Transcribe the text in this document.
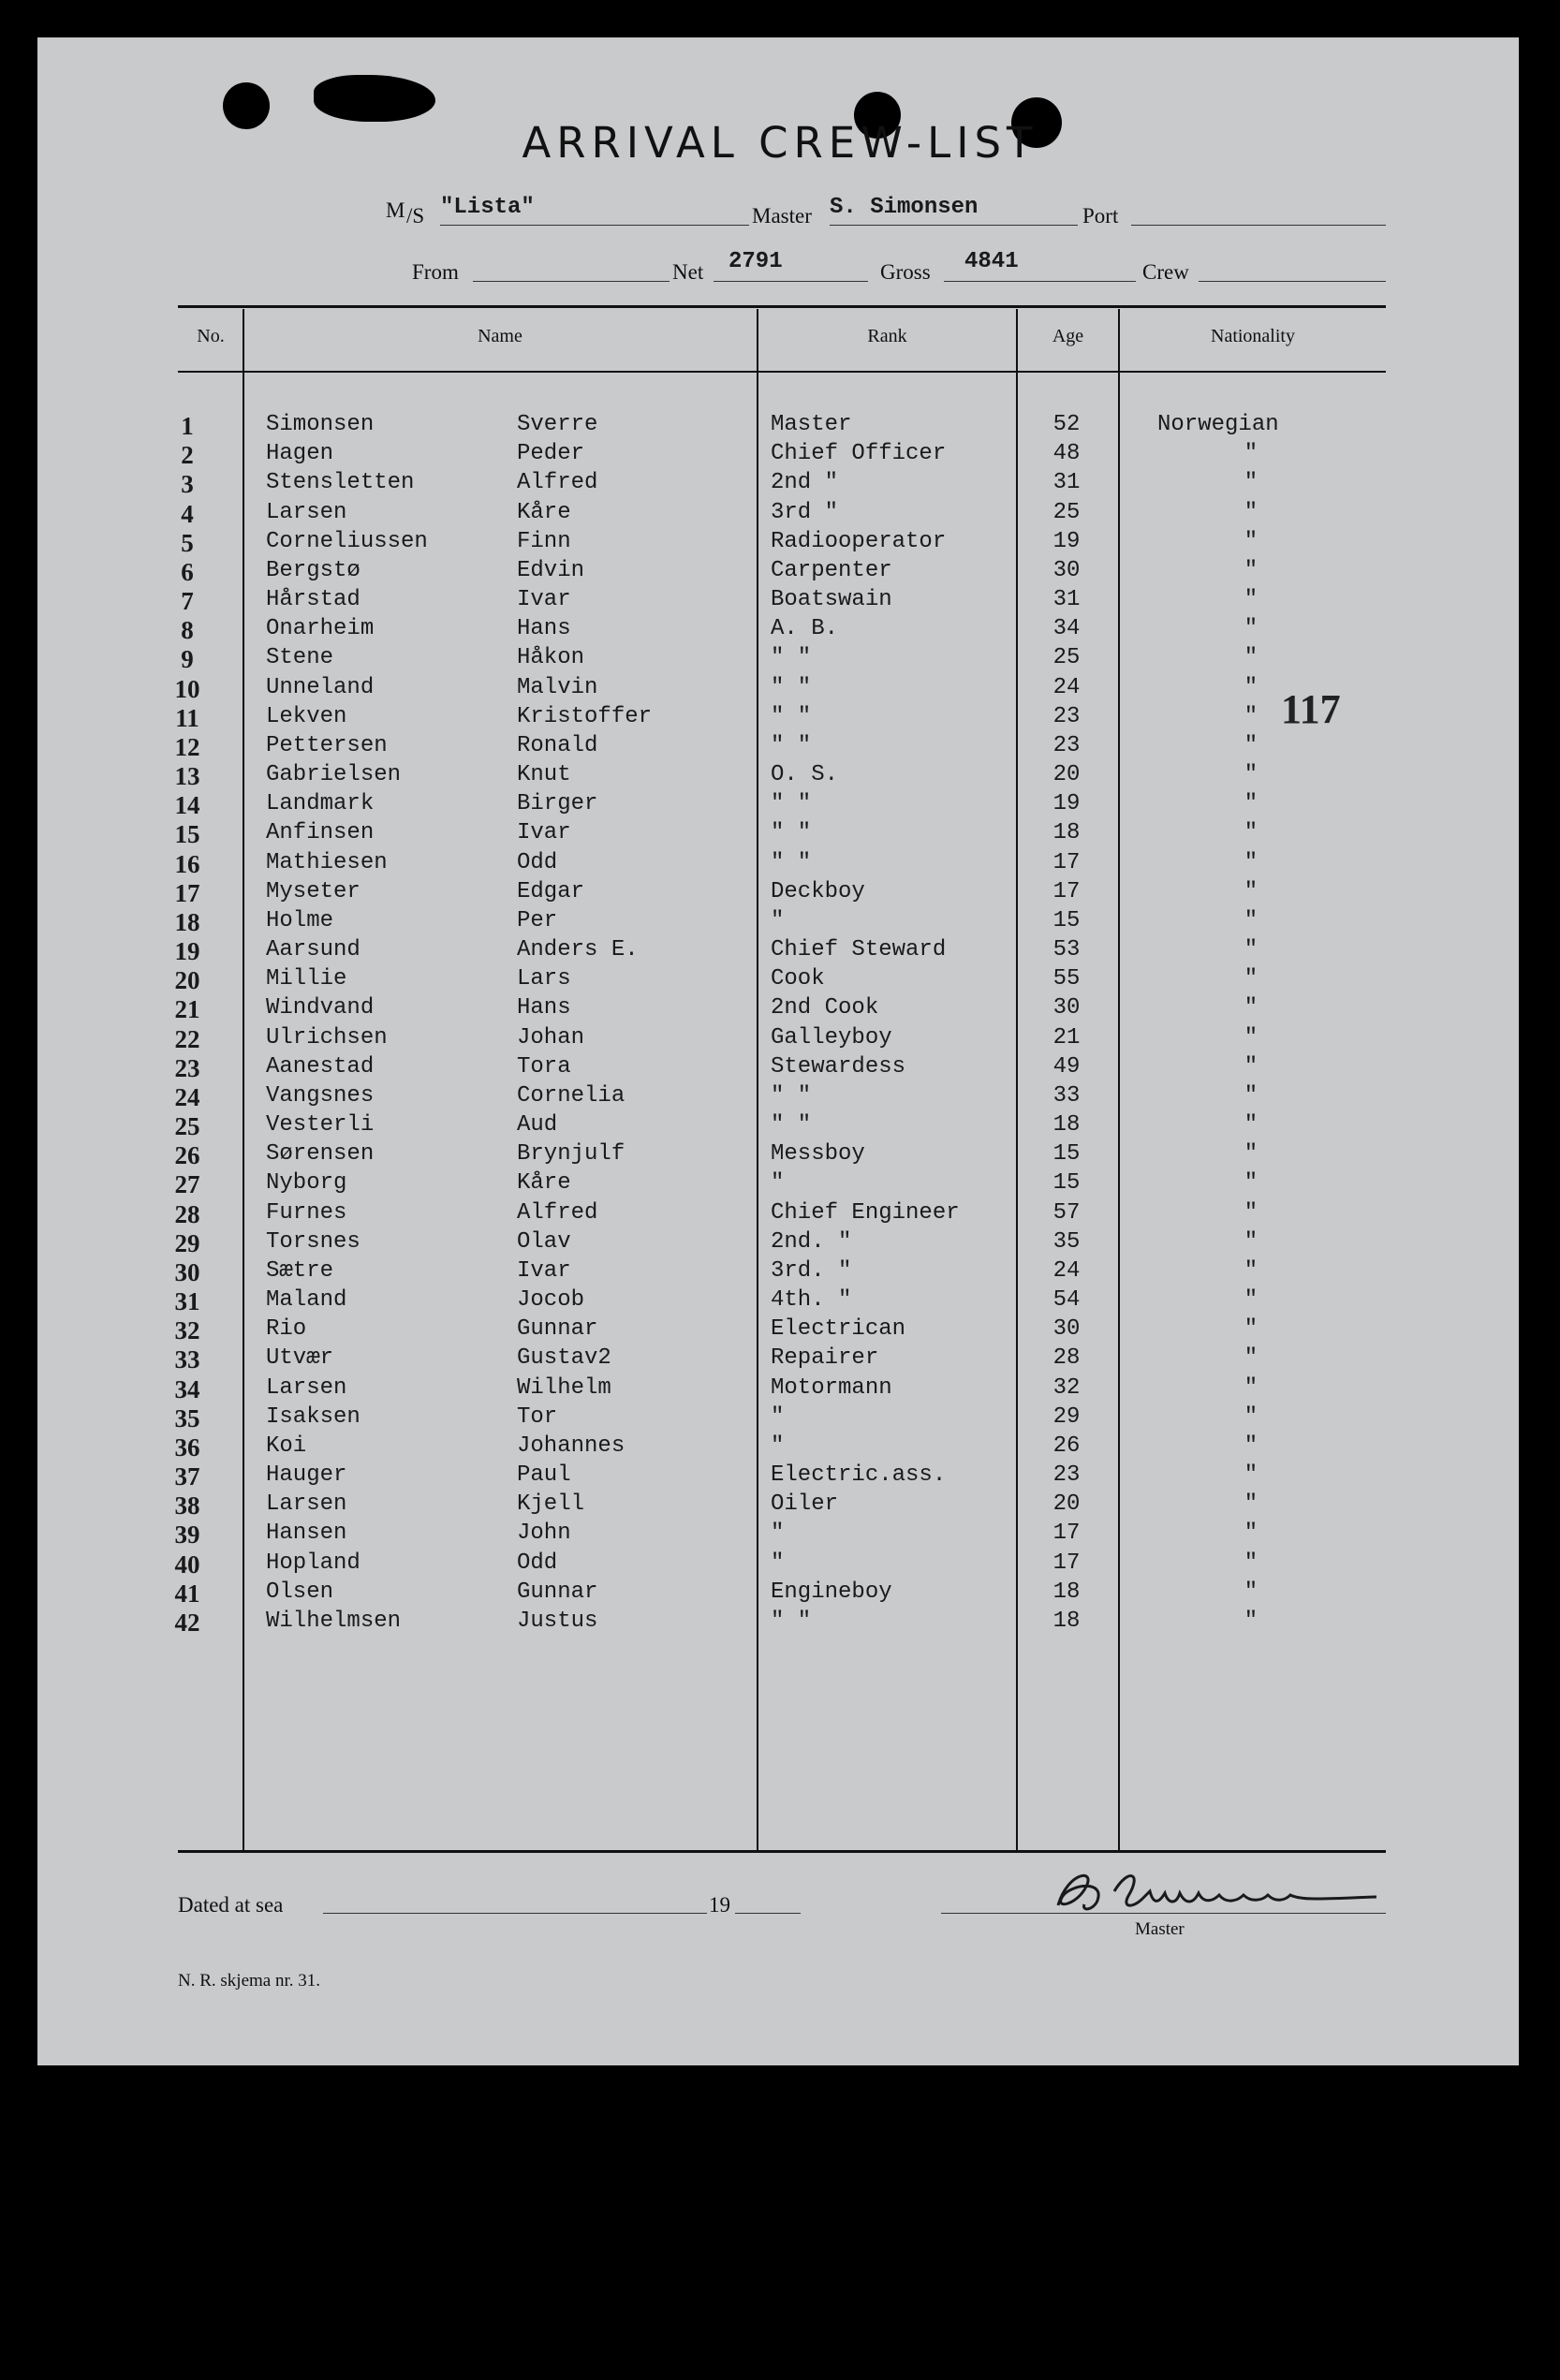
ARRIVAL CREW-LIST
M /S "Lista"	Master S. Simonsen	Port
From	Net 2791	Gross 4841	Crew
No.	Name	Rank	Age	Nationality
1	Simonsen	Sverre	Master	52	Norwegian
2	Hagen	Peder	Chief Officer	48	"
3	Stensletten	Alfred	2nd "	31	"
4	Larsen	Kåre	3rd "	25	"
5	Corneliussen	Finn	Radiooperator	19	"
6	Bergstø	Edvin	Carpenter	30	"
7	Hårstad	Ivar	Boatswain	31	"
8	Onarheim	Hans	A. B.	34	"
9	Stene	Håkon	" "	25	"
10	Unneland	Malvin	" "	24	"
11	Lekven	Kristoffer	" "	23	"
12	Pettersen	Ronald	" "	23	"
13	Gabrielsen	Knut	O. S.	20	"
14	Landmark	Birger	" "	19	"
15	Anfinsen	Ivar	" "	18	"
16	Mathiesen	Odd	" "	17	"
17	Myseter	Edgar	Deckboy	17	"
18	Holme	Per	"	15	"
19	Aarsund	Anders E.	Chief Steward	53	"
20	Millie	Lars	Cook	55	"
21	Windvand	Hans	2nd Cook	30	"
22	Ulrichsen	Johan	Galleyboy	21	"
23	Aanestad	Tora	Stewardess	49	"
24	Vangsnes	Cornelia	" "	33	"
25	Vesterli	Aud	" "	18	"
26	Sørensen	Brynjulf	Messboy	15	"
27	Nyborg	Kåre	"	15	"
28	Furnes	Alfred	Chief Engineer	57	"
29	Torsnes	Olav	2nd. "	35	"
30	Sætre	Ivar	3rd. "	24	"
31	Maland	Jocob	4th. "	54	"
32	Rio	Gunnar	Electrican	30	"
33	Utvær	Gustav2	Repairer	28	"
34	Larsen	Wilhelm	Motormann	32	"
35	Isaksen	Tor	"	29	"
36	Koi	Johannes	"	26	"
37	Hauger	Paul	Electric.ass.	23	"
38	Larsen	Kjell	Oiler	20	"
39	Hansen	John	"	17	"
40	Hopland	Odd	"	17	"
41	Olsen	Gunnar	Engineboy	18	"
42	Wilhelmsen	Justus	" "	18	"
117
Dated at sea	19
Master
N. R. skjema nr. 31.
